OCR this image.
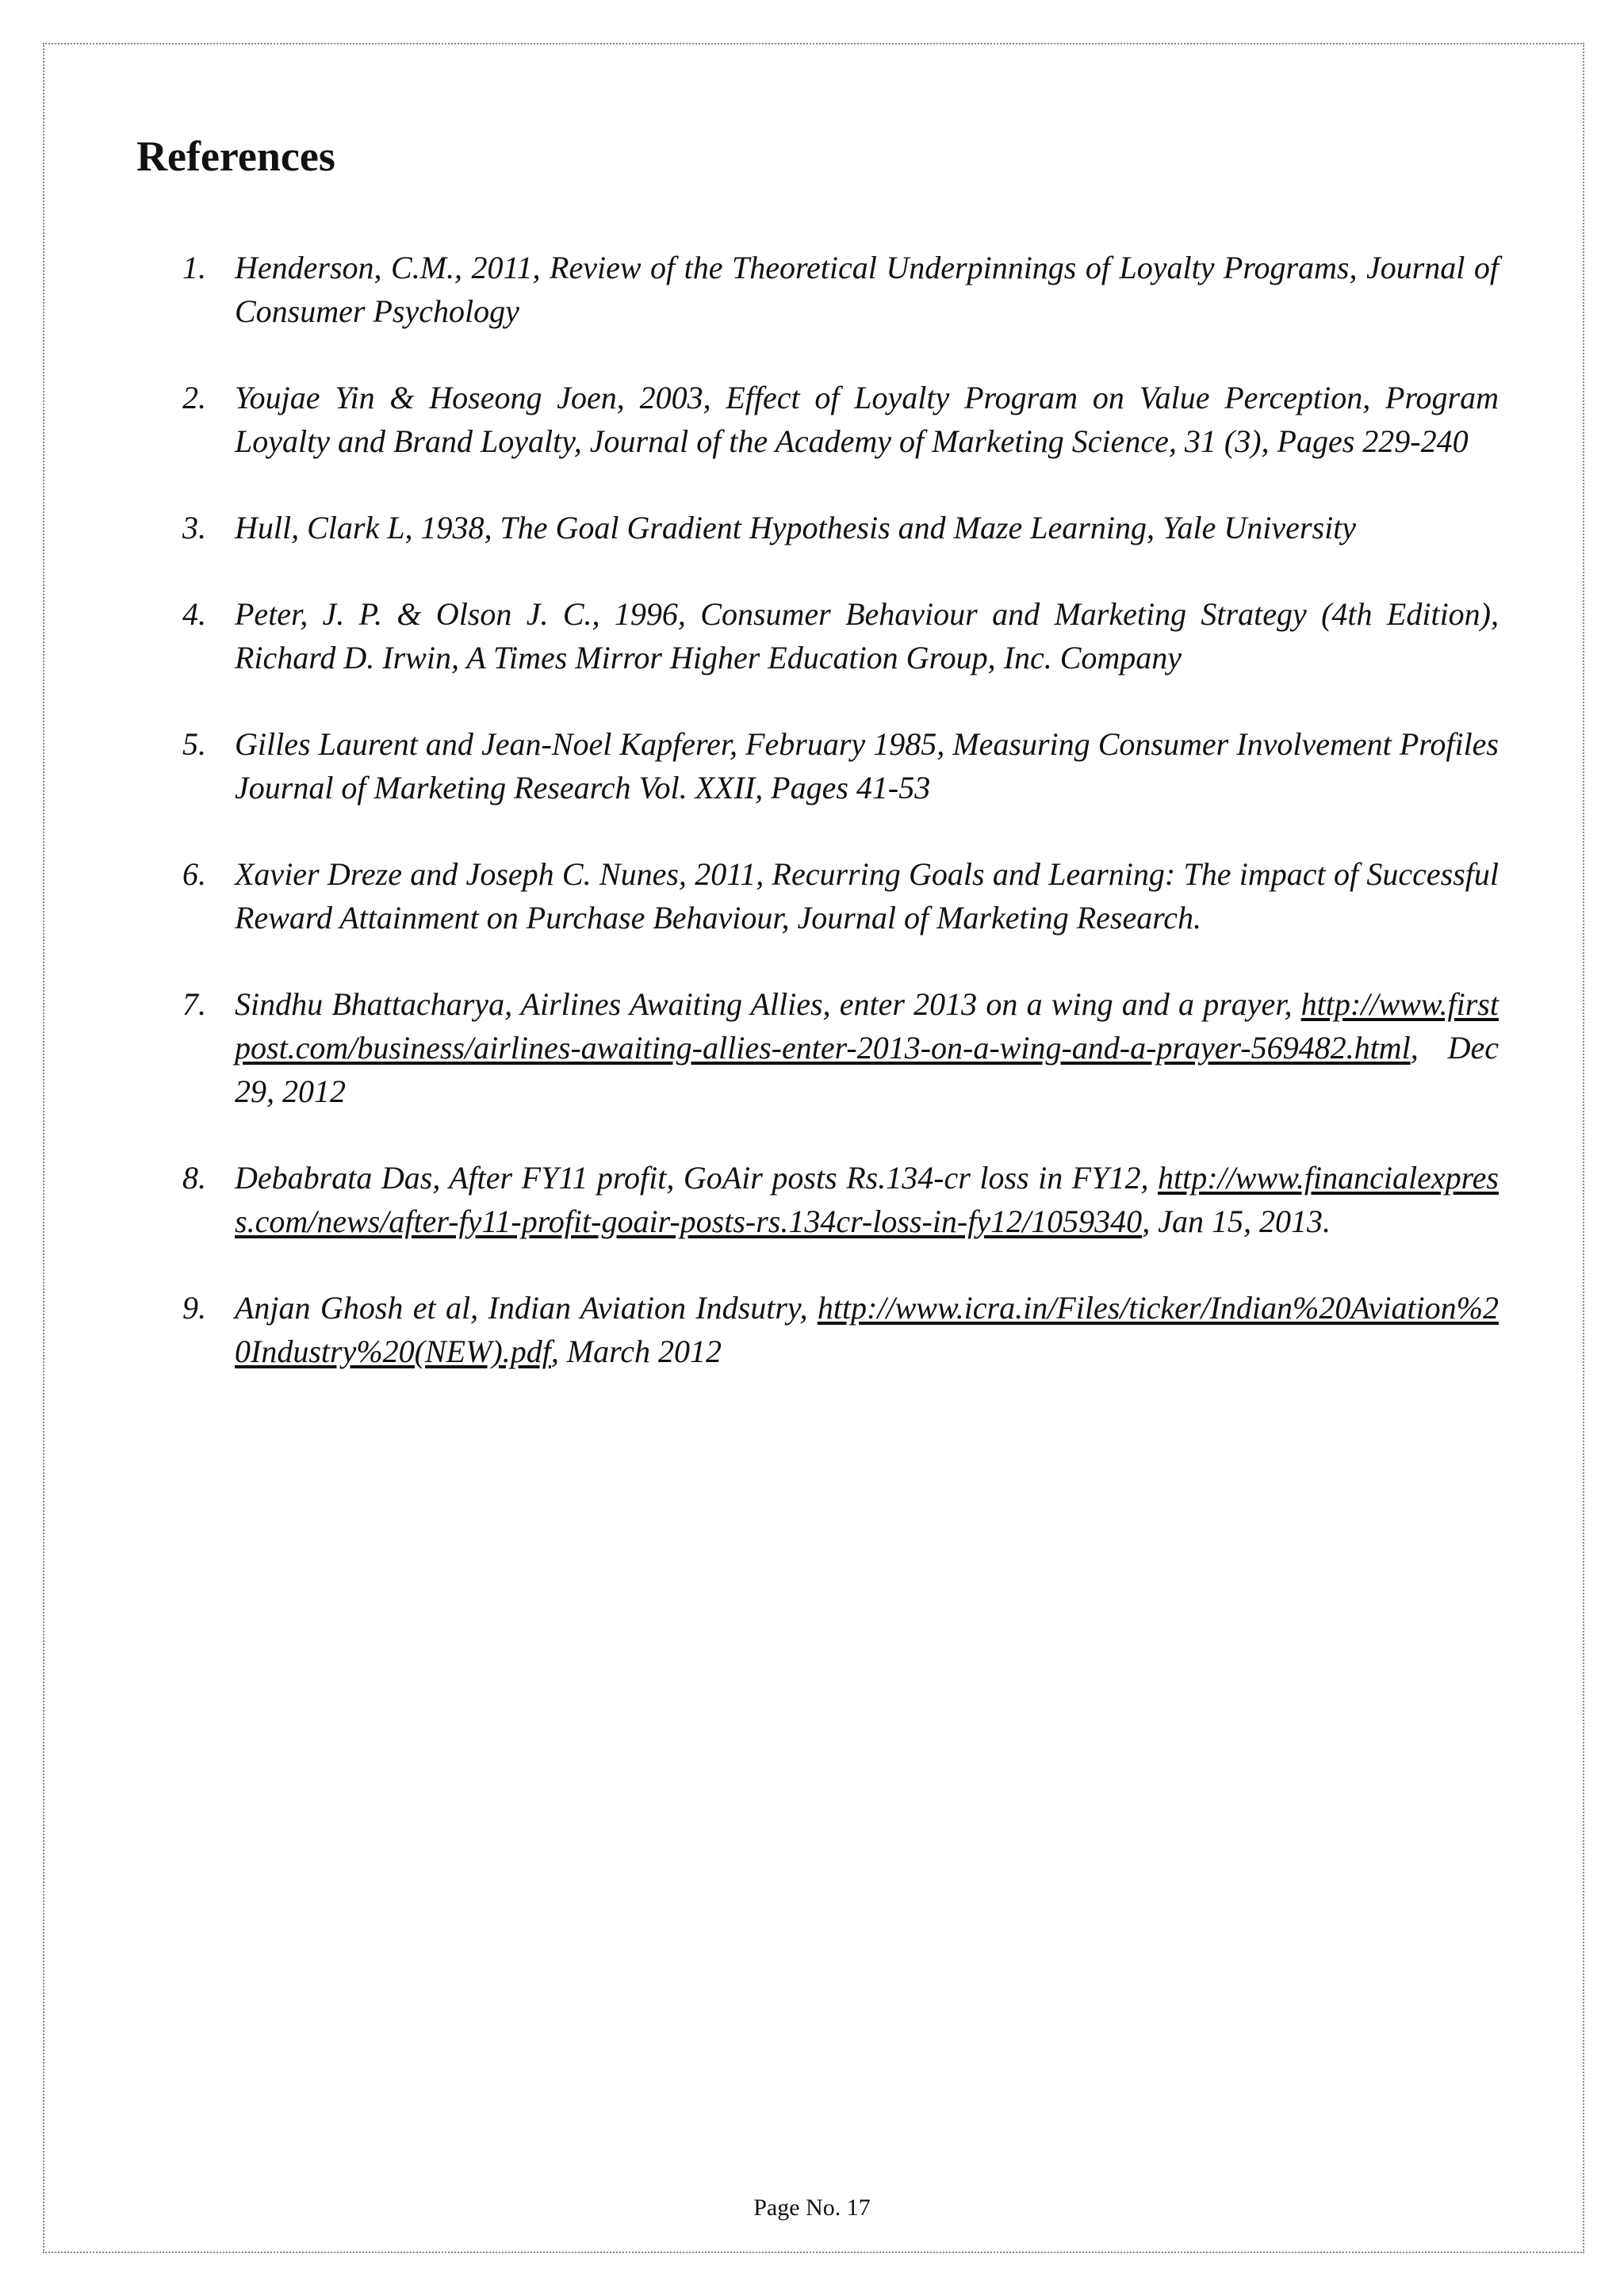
References
1. Henderson, C.M., 2011, Review of the Theoretical Underpinnings of Loyalty Programs, Journal of Consumer Psychology
2. Youjae Yin & Hoseong Joen, 2003, Effect of Loyalty Program on Value Perception, Program Loyalty and Brand Loyalty, Journal of the Academy of Marketing Science, 31 (3), Pages 229-240
3. Hull, Clark L, 1938, The Goal Gradient Hypothesis and Maze Learning, Yale University
4. Peter, J. P. & Olson J. C., 1996, Consumer Behaviour and Marketing Strategy (4th Edition), Richard D. Irwin, A Times Mirror Higher Education Group, Inc. Company
5. Gilles Laurent and Jean-Noel Kapferer, February 1985, Measuring Consumer Involvement Profiles Journal of Marketing Research Vol. XXII, Pages 41-53
6. Xavier Dreze and Joseph C. Nunes, 2011, Recurring Goals and Learning: The impact of Successful Reward Attainment on Purchase Behaviour, Journal of Marketing Research.
7. Sindhu Bhattacharya, Airlines Awaiting Allies, enter 2013 on a wing and a prayer, http://www.firstpost.com/business/airlines-awaiting-allies-enter-2013-on-a-wing-and-a-prayer-569482.html, Dec 29, 2012
8. Debabrata Das, After FY11 profit, GoAir posts Rs.134-cr loss in FY12, http://www.financialexpress.com/news/after-fy11-profit-goair-posts-rs.134cr-loss-in-fy12/1059340, Jan 15, 2013.
9. Anjan Ghosh et al, Indian Aviation Indsutry, http://www.icra.in/Files/ticker/Indian%20Aviation%20Industry%20(NEW).pdf, March 2012
Page No. 17
